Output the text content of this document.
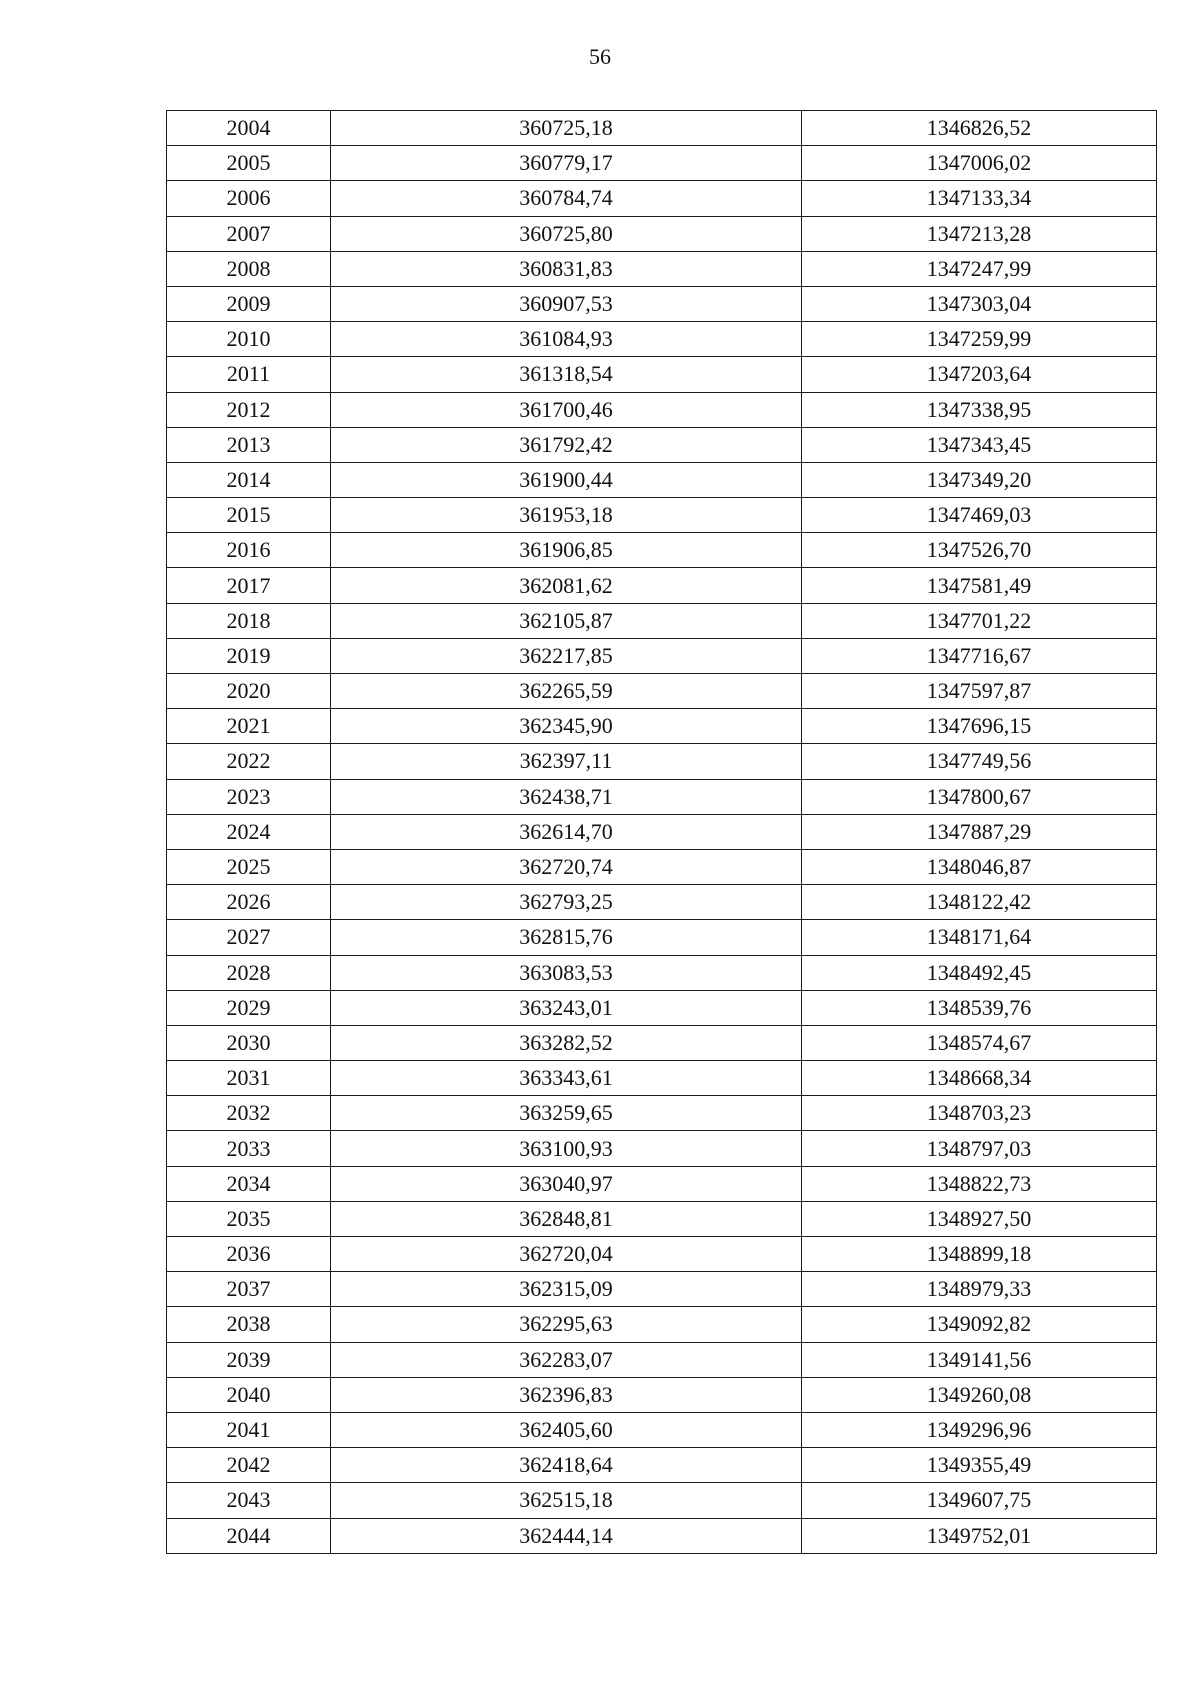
56
2004	360725,18	1346826,52
2005	360779,17	1347006,02
2006	360784,74	1347133,34
2007	360725,80	1347213,28
2008	360831,83	1347247,99
2009	360907,53	1347303,04
2010	361084,93	1347259,99
2011	361318,54	1347203,64
2012	361700,46	1347338,95
2013	361792,42	1347343,45
2014	361900,44	1347349,20
2015	361953,18	1347469,03
2016	361906,85	1347526,70
2017	362081,62	1347581,49
2018	362105,87	1347701,22
2019	362217,85	1347716,67
2020	362265,59	1347597,87
2021	362345,90	1347696,15
2022	362397,11	1347749,56
2023	362438,71	1347800,67
2024	362614,70	1347887,29
2025	362720,74	1348046,87
2026	362793,25	1348122,42
2027	362815,76	1348171,64
2028	363083,53	1348492,45
2029	363243,01	1348539,76
2030	363282,52	1348574,67
2031	363343,61	1348668,34
2032	363259,65	1348703,23
2033	363100,93	1348797,03
2034	363040,97	1348822,73
2035	362848,81	1348927,50
2036	362720,04	1348899,18
2037	362315,09	1348979,33
2038	362295,63	1349092,82
2039	362283,07	1349141,56
2040	362396,83	1349260,08
2041	362405,60	1349296,96
2042	362418,64	1349355,49
2043	362515,18	1349607,75
2044	362444,14	1349752,01
